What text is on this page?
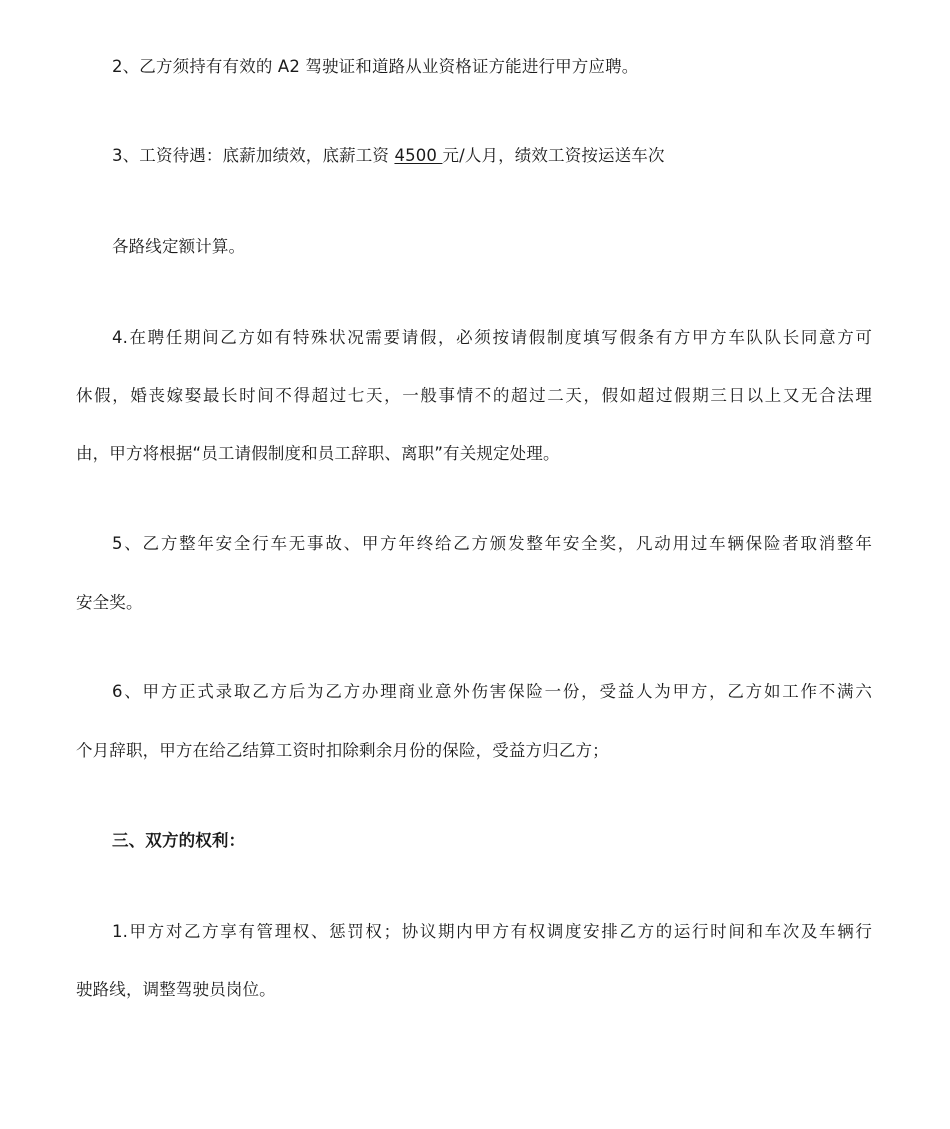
2、乙方须持有有效的 A2 驾驶证和道路从业资格证方能进行甲方应聘。
3、工资待遇：底薪加绩效，底薪工资 4500 元/人月，绩效工资按运送车次
各路线定额计算。
4.在聘任期间乙方如有特殊状况需要请假，必须按请假制度填写假条有方甲方车队队长同意方可
休假，婚丧嫁娶最长时间不得超过七天，一般事情不的超过二天，假如超过假期三日以上又无合法理
由，甲方将根据“员工请假制度和员工辞职、离职”有关规定处理。
5、乙方整年安全行车无事故、甲方年终给乙方颁发整年安全奖，凡动用过车辆保险者取消整年
安全奖。
6、甲方正式录取乙方后为乙方办理商业意外伤害保险一份，受益人为甲方，乙方如工作不满六
个月辞职，甲方在给乙结算工资时扣除剩余月份的保险，受益方归乙方；
三、双方的权利：
1.甲方对乙方享有管理权、惩罚权；协议期内甲方有权调度安排乙方的运行时间和车次及车辆行
驶路线，调整驾驶员岗位。
